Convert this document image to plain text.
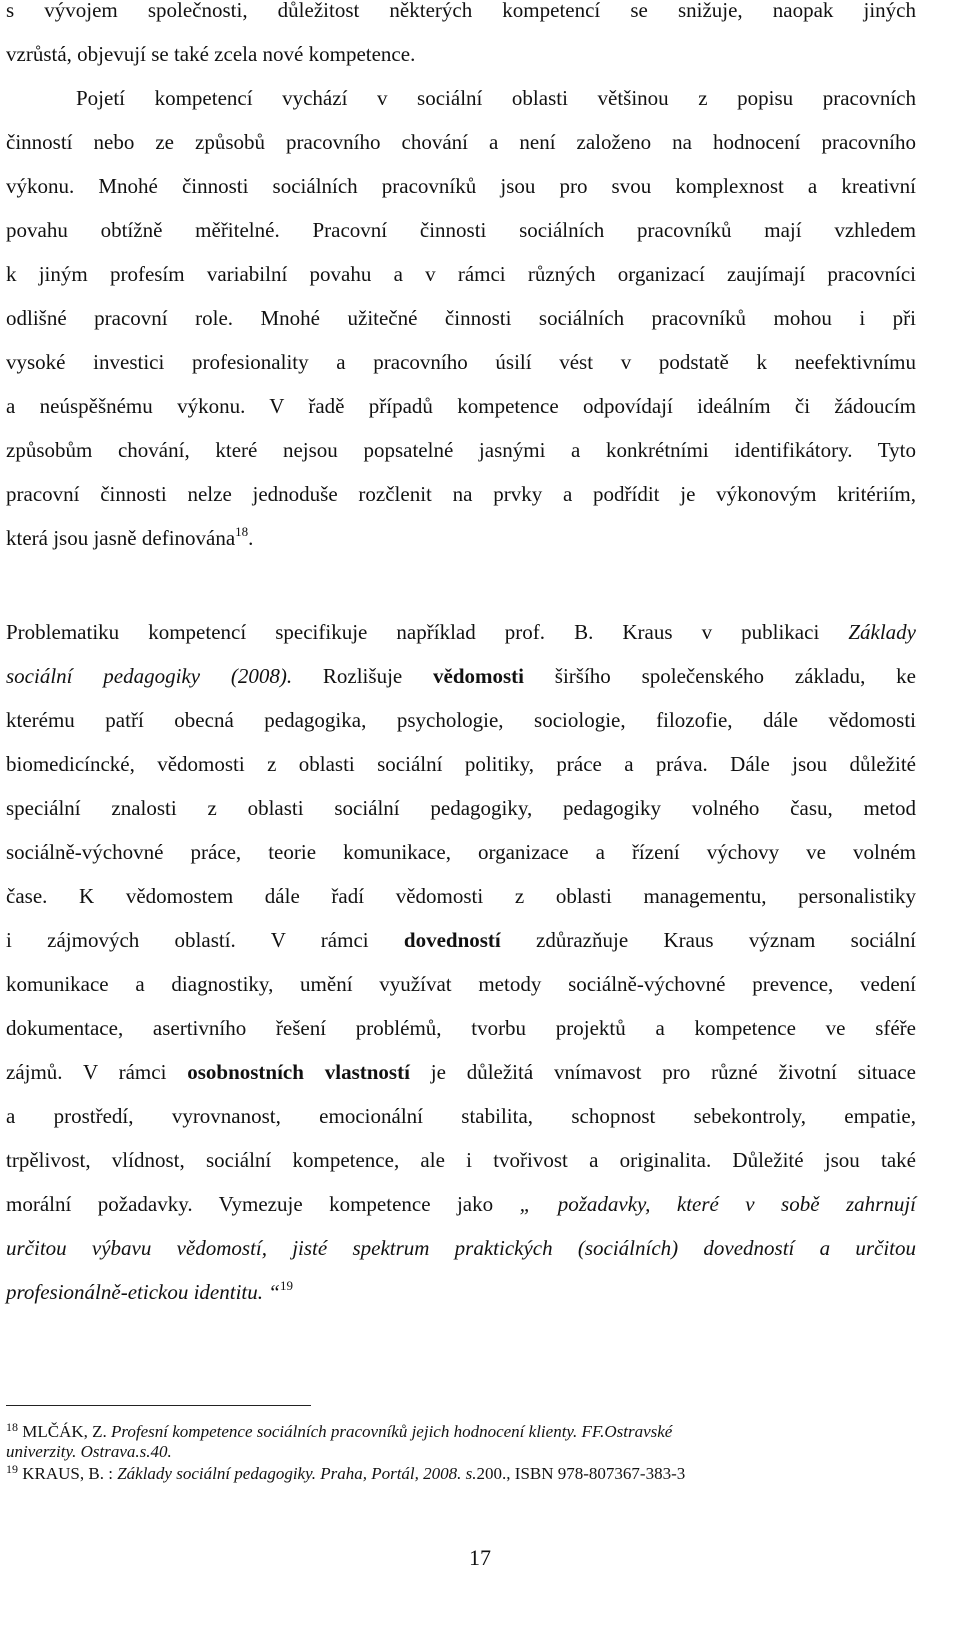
s vývojem společnosti, důležitost některých kompetencí se snižuje, naopak jiných
vzrůstá, objevují se také zcela nové kompetence.
Pojetí kompetencí vychází v sociální oblasti většinou z popisu pracovních
činností nebo ze způsobů pracovního chování a není založeno na hodnocení pracovního
výkonu. Mnohé činnosti sociálních pracovníků jsou pro svou komplexnost a kreativní
povahu obtížně měřitelné. Pracovní činnosti sociálních pracovníků mají vzhledem
k jiným profesím variabilní povahu a v rámci různých organizací zaujímají pracovníci
odlišné pracovní role. Mnohé užitečné činnosti sociálních pracovníků mohou i při
vysoké investici profesionality a pracovního úsilí vést v podstatě k neefektivnímu
a neúspěšnému výkonu. V řadě případů kompetence odpovídají ideálním či žádoucím
způsobům chování, které nejsou popsatelné jasnými a konkrétními identifikátory. Tyto
pracovní činnosti nelze jednoduše rozčlenit na prvky a podřídit je výkonovým kritériím,
která jsou jasně definována$^{18}$.
Problematiku kompetencí specifikuje například prof. B. Kraus v publikaci Základy
sociální pedagogiky (2008). Rozlišuje vědomosti širšího společenského základu, ke
kterému patří obecná pedagogika, psychologie, sociologie, filozofie, dále vědomosti
biomedicíncké, vědomosti z oblasti sociální politiky, práce a práva. Dále jsou důležité
speciální znalosti z oblasti sociální pedagogiky, pedagogiky volného času, metod
sociálně-výchovné práce, teorie komunikace, organizace a řízení výchovy ve volném
čase. K vědomostem dále řadí vědomosti z oblasti managementu, personalistiky
i zájmových oblastí. V rámci dovedností zdůrazňuje Kraus význam sociální
komunikace a diagnostiky, umění využívat metody sociálně-výchovné prevence, vedení
dokumentace, asertivního řešení problémů, tvorbu projektů a kompetence ve sféře
zájmů. V rámci osobnostních vlastností je důležitá vnímavost pro různé životní situace
a prostředí, vyrovnanost, emocionální stabilita, schopnost sebekontroly, empatie,
trpělivost, vlídnost, sociální kompetence, ale i tvořivost a originalita. Důležité jsou také
morální požadavky. Vymezuje kompetence jako „ požadavky, které v sobě zahrnují
určitou výbavu vědomostí, jisté spektrum praktických (sociálních) dovedností a určitou
profesionálně-etickou identitu. “$^{19}$
$^{18}$ MLČÁK, Z. Profesní kompetence sociálních pracovníků jejich hodnocení klienty. FF.Ostravské
univerzity. Ostrava.s.40.
$^{19}$ KRAUS, B. : Základy sociální pedagogiky. Praha, Portál, 2008. s.200., ISBN 978-807367-383-3
17
